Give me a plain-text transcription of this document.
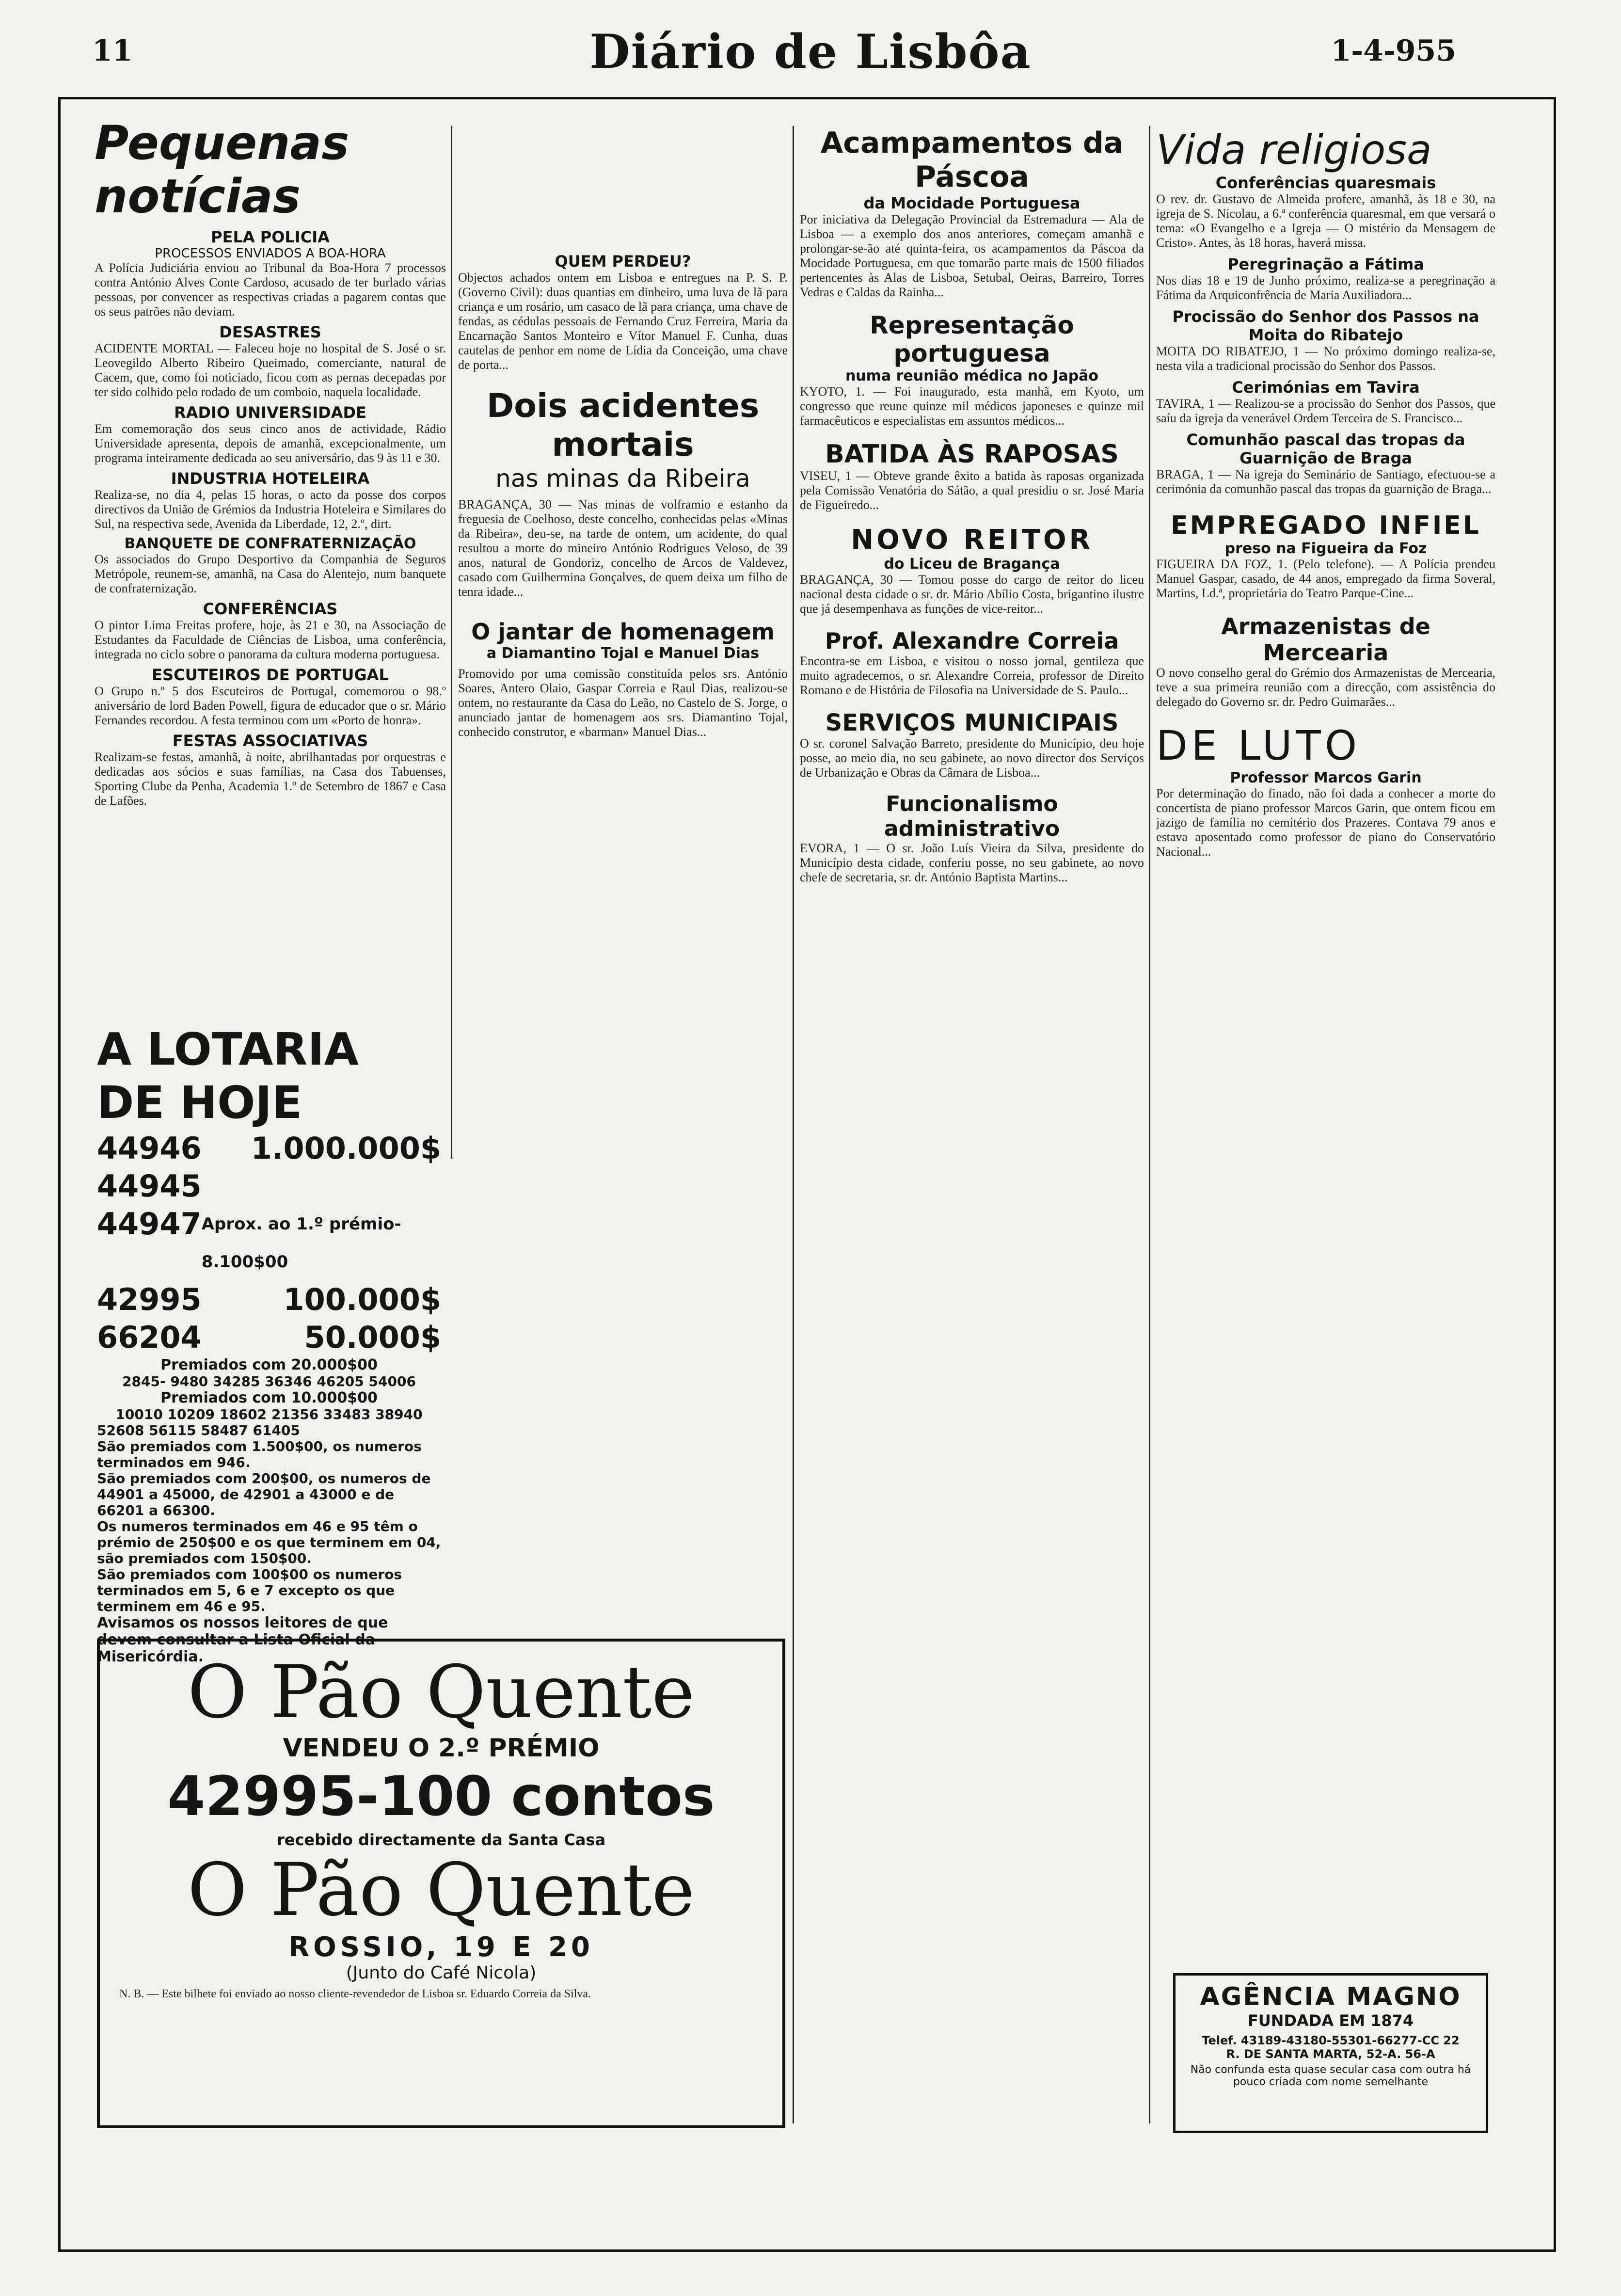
11	Diário de Lisbôa	1-4-955
Pequenas notícias
PELA POLICIA
PROCESSOS ENVIADOS A BOA-HORA
A Polícia Judiciária enviou ao Tribunal da Boa-Hora 7 processos contra António Alves Conte Cardoso, acusado de ter burlado várias pessoas, por convencer as respectivas criadas a pagarem contas que os seus patrões não deviam.
DESASTRES
ACIDENTE MORTAL — Faleceu hoje no hospital de S. José o sr. Leovegildo Alberto Ribeiro Queimado, comerciante, natural de Cacem, que, como foi noticiado, ficou com as pernas decepadas por ter sido colhido pelo rodado de um comboio, naquela localidade.
RADIO UNIVERSIDADE
Em comemoração dos seus cinco anos de actividade, Rádio Universidade apresenta, depois de amanhã, excepcionalmente, um programa inteiramente dedicada ao seu aniversário, das 9 às 11 e 30.
INDUSTRIA HOTELEIRA
Realiza-se, no dia 4, pelas 15 horas, o acto da posse dos corpos directivos da União de Grémios da Industria Hoteleira e Similares do Sul, na respectiva sede, Avenida da Liberdade, 12, 2.º, dirt.
BANQUETE DE CONFRATERNIZAÇÃO
Os associados do Grupo Desportivo da Companhia de Seguros Metrópole, reunem-se, amanhã, na Casa do Alentejo, num banquete de confraternização.
CONFERÊNCIAS
O pintor Lima Freitas profere, hoje, às 21 e 30, na Associação de Estudantes da Faculdade de Ciências de Lisboa, uma conferência, integrada no ciclo sobre o panorama da cultura moderna portuguesa.
ESCUTEIROS DE PORTUGAL
O Grupo n.º 5 dos Escuteiros de Portugal, comemorou o 98.º aniversário de lord Baden Powell, figura de educador que o sr. Mário Fernandes recordou. A festa terminou com um «Porto de honra».
FESTAS ASSOCIATIVAS
Realizam-se festas, amanhã, à noite, abrilhantadas por orquestras e dedicadas aos sócios e suas famílias, na Casa dos Tabuenses, Sporting Clube da Penha, Academia 1.º de Setembro de 1867 e Casa de Lafões.
QUEM PERDEU?
Objectos achados ontem em Lisboa e entregues na P. S. P. (Governo Civil): duas quantias em dinheiro, uma luva de lã para criança e um rosário, um casaco de lã para criança, uma chave de fendas, as cédulas pessoais de Fernando Cruz Ferreira, Maria da Encarnação Santos Monteiro e Vítor Manuel F. Cunha, duas cautelas de penhor em nome de Lídia da Conceição, uma chave de porta...
Dois acidentes mortais
nas minas da Ribeira
BRAGANÇA, 30 — Nas minas de volframio e estanho da freguesia de Coelhoso, deste concelho, conhecidas pelas «Minas da Ribeira», deu-se, na tarde de ontem, um acidente, do qual resultou a morte do mineiro António Rodrigues Veloso, de 39 anos, natural de Gondoriz, concelho de Arcos de Valdevez, casado com Guilhermina Gonçalves, de quem deixa um filho de tenra idade...
O jantar de homenagem
a Diamantino Tojal e Manuel Dias
Promovido por uma comissão constituída pelos srs. António Soares, Antero Olaio, Gaspar Correia e Raul Dias, realizou-se ontem, no restaurante da Casa do Leão, no Castelo de S. Jorge, o anunciado jantar de homenagem aos srs. Diamantino Tojal, conhecido construtor, e «barman» Manuel Dias...
A LOTARIA DE HOJE
44946 1.000.000$
44945
44947 Aprox. ao 1.º prémio-8.100$00
42995	100.000$
66204	50.000$
Premiados com 20.000$00
2845- 9480 34285 36346 46205 54006
Premiados com 10.000$00
10010 10209 18602 21356 33483 38940
52608 56115 58487 61405
São premiados com 1.500$00, os numeros terminados em 946.
São premiados com 200$00, os numeros de 44901 a 45000, de 42901 a 43000 e de 66201 a 66300.
Os numeros terminados em 46 e 95 têm o prémio de 250$00 e os que terminem em 04, são premiados com 150$00.
São premiados com 100$00 os numeros terminados em 5, 6 e 7 excepto os que terminem em 46 e 95.
Avisamos os nossos leitores de que devem consultar a Lista Oficial da Misericórdia.
O Pão Quente
VENDEU O 2.º PRÉMIO
42995-100 contos
recebido directamente da Santa Casa
O Pão Quente
ROSSIO, 19 E 20
(Junto do Café Nicola)
N. B. — Este bilhete foi enviado ao nosso cliente-revendedor de Lisboa sr. Eduardo Correia da Silva.
Acampamentos da Páscoa
da Mocidade Portuguesa
Por iniciativa da Delegação Provincial da Estremadura — Ala de Lisboa — a exemplo dos anos anteriores, começam amanhã e prolongar-se-ão até quinta-feira, os acampamentos da Páscoa da Mocidade Portuguesa, em que tomarão parte mais de 1500 filiados pertencentes às Alas de Lisboa, Setubal, Oeiras, Barreiro, Torres Vedras e Caldas da Rainha...
Representação portuguesa
numa reunião médica no Japão
KYOTO, 1. — Foi inaugurado, esta manhã, em Kyoto, um congresso que reune quinze mil médicos japoneses e quinze mil farmacêuticos e especialistas em assuntos médicos...
BATIDA ÀS RAPOSAS
VISEU, 1 — Obteve grande êxito a batida às raposas organizada pela Comissão Venatória do Sátão, a qual presidiu o sr. José Maria de Figueiredo...
NOVO REITOR
do Liceu de Bragança
BRAGANÇA, 30 — Tomou posse do cargo de reitor do liceu nacional desta cidade o sr. dr. Mário Abílio Costa, brigantino ilustre que já desempenhava as funções de vice-reitor...
Prof. Alexandre Correia
Encontra-se em Lisboa, e visitou o nosso jornal, gentileza que muito agradecemos, o sr. Alexandre Correia, professor de Direito Romano e de História de Filosofia na Universidade de S. Paulo...
SERVIÇOS MUNICIPAIS
O sr. coronel Salvação Barreto, presidente do Município, deu hoje posse, ao meio dia, no seu gabinete, ao novo director dos Serviços de Urbanização e Obras da Câmara de Lisboa...
Funcionalismo administrativo
EVORA, 1 — O sr. João Luís Vieira da Silva, presidente do Município desta cidade, conferiu posse, no seu gabinete, ao novo chefe de secretaria, sr. dr. António Baptista Martins...
Vida religiosa
Conferências quaresmais
O rev. dr. Gustavo de Almeida profere, amanhã, às 18 e 30, na igreja de S. Nicolau, a 6.ª conferência quaresmal, em que versará o tema: «O Evangelho e a Igreja — O mistério da Mensagem de Cristo». Antes, às 18 horas, haverá missa.
Peregrinação a Fátima
Nos dias 18 e 19 de Junho próximo, realiza-se a peregrinação a Fátima da Arquiconfrência de Maria Auxiliadora...
Procissão do Senhor dos Passos na Moita do Ribatejo
MOITA DO RIBATEJO, 1 — No próximo domingo realiza-se, nesta vila a tradicional procissão do Senhor dos Passos.
Cerimónias em Tavira
TAVIRA, 1 — Realizou-se a procissão do Senhor dos Passos, que saíu da igreja da venerável Ordem Terceira de S. Francisco...
Comunhão pascal das tropas da Guarnição de Braga
BRAGA, 1 — Na igreja do Seminário de Santiago, efectuou-se a cerimónia da comunhão pascal das tropas da guarnição de Braga...
EMPREGADO INFIEL
preso na Figueira da Foz
FIGUEIRA DA FOZ, 1. (Pelo telefone). — A Polícia prendeu Manuel Gaspar, casado, de 44 anos, empregado da firma Soveral, Martins, Ld.ª, proprietária do Teatro Parque-Cine...
Armazenistas de Mercearia
O novo conselho geral do Grémio dos Armazenistas de Mercearia, teve a sua primeira reunião com a direcção, com assistência do delegado do Governo sr. dr. Pedro Guimarães...
DE LUTO
Professor Marcos Garin
Por determinação do finado, não foi dada a conhecer a morte do concertista de piano professor Marcos Garin, que ontem ficou em jazigo de família no cemitério dos Prazeres. Contava 79 anos e estava aposentado como professor de piano do Conservatório Nacional...
AGÊNCIA MAGNO
FUNDADA EM 1874
Telef. 43189-43180-55301-66277-CC 22
R. DE SANTA MARTA, 52-A. 56-A
Não confunda esta quase secular casa com outra há pouco criada com nome semelhante
